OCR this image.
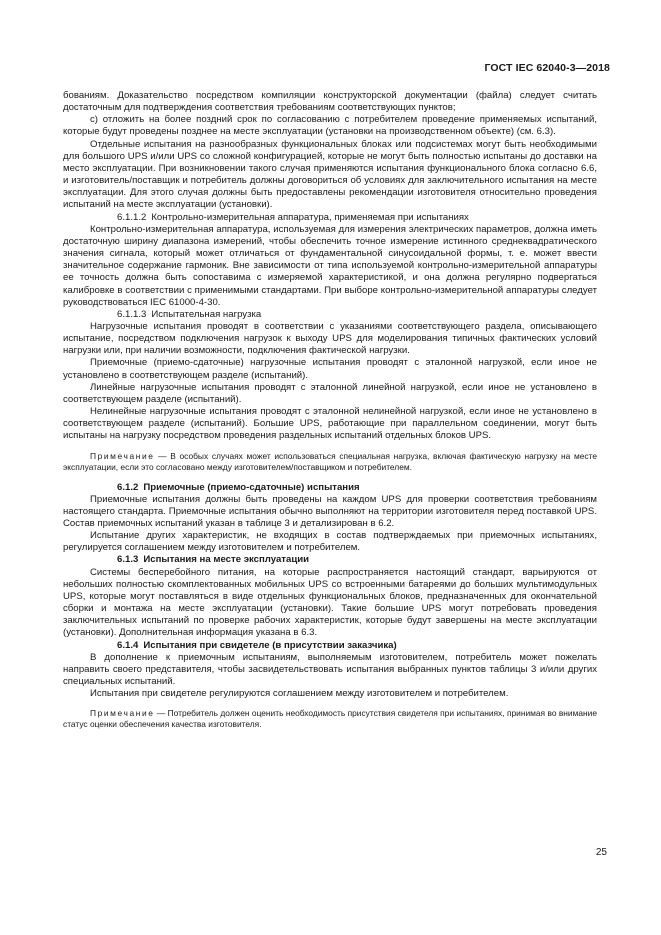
ГОСТ IEC 62040-3—2018

бованиям. Доказательство посредством компиляции конструкторской документации (файла) следует считать достаточным для подтверждения соответствия требованиям соответствующих пунктов;

c) отложить на более поздний срок по согласованию с потребителем проведение применяемых испытаний, которые будут проведены позднее на месте эксплуатации (установки на производственном объекте) (см. 6.3).

Отдельные испытания на разнообразных функциональных блоках или подсистемах могут быть необходимыми для большого UPS и/или UPS со сложной конфигурацией, которые не могут быть полностью испытаны до доставки на место эксплуатации. При возникновении такого случая применяются испытания функционального блока согласно 6.6, и изготовитель/поставщик и потребитель должны договориться об условиях для заключительного испытания на месте эксплуатации. Для этого случая должны быть предоставлены рекомендации изготовителя относительно проведения испытаний на месте эксплуатации (установки).

6.1.1.2 Контрольно-измерительная аппаратура, применяемая при испытаниях

Контрольно-измерительная аппаратура, используемая для измерения электрических параметров, должна иметь достаточную ширину диапазона измерений, чтобы обеспечить точное измерение истинного среднеквадратического значения сигнала, который может отличаться от фундаментальной синусоидальной формы, т. е. может ввести значительное содержание гармоник. Вне зависимости от типа используемой контрольно-измерительной аппаратуры ее точность должна быть сопоставима с измеряемой характеристикой, и она должна регулярно подвергаться калибровке в соответствии с применимыми стандартами. При выборе контрольно-измерительной аппаратуры следует руководствоваться IEC 61000-4-30.

6.1.1.3 Испытательная нагрузка

Нагрузочные испытания проводят в соответствии с указаниями соответствующего раздела, описывающего испытание, посредством подключения нагрузок к выходу UPS для моделирования типичных фактических условий нагрузки или, при наличии возможности, подключения фактической нагрузки.

Приемочные (приемо-сдаточные) нагрузочные испытания проводят с эталонной нагрузкой, если иное не установлено в соответствующем разделе (испытаний).

Линейные нагрузочные испытания проводят с эталонной линейной нагрузкой, если иное не установлено в соответствующем разделе (испытаний).

Нелинейные нагрузочные испытания проводят с эталонной нелинейной нагрузкой, если иное не установлено в соответствующем разделе (испытаний). Большие UPS, работающие при параллельном соединении, могут быть испытаны на нагрузку посредством проведения раздельных испытаний отдельных блоков UPS.

Примечание — В особых случаях может использоваться специальная нагрузка, включая фактическую нагрузку на месте эксплуатации, если это согласовано между изготовителем/поставщиком и потребителем.

6.1.2 Приемочные (приемо-сдаточные) испытания

Приемочные испытания должны быть проведены на каждом UPS для проверки соответствия требованиям настоящего стандарта. Приемочные испытания обычно выполняют на территории изготовителя перед поставкой UPS. Состав приемочных испытаний указан в таблице 3 и детализирован в 6.2.

Испытание других характеристик, не входящих в состав подтверждаемых при приемочных испытаниях, регулируется соглашением между изготовителем и потребителем.

6.1.3 Испытания на месте эксплуатации

Системы бесперебойного питания, на которые распространяется настоящий стандарт, варьируются от небольших полностью скомплектованных мобильных UPS со встроенными батареями до больших мультимодульных UPS, которые могут поставляться в виде отдельных функциональных блоков, предназначенных для окончательной сборки и монтажа на месте эксплуатации (установки). Такие большие UPS могут потребовать проведения заключительных испытаний по проверке рабочих характеристик, которые будут завершены на месте эксплуатации (установки). Дополнительная информация указана в 6.3.

6.1.4 Испытания при свидетеле (в присутствии заказчика)

В дополнение к приемочным испытаниям, выполняемым изготовителем, потребитель может пожелать направить своего представителя, чтобы засвидетельствовать испытания выбранных пунктов таблицы 3 и/или других специальных испытаний.

Испытания при свидетеле регулируются соглашением между изготовителем и потребителем.

Примечание — Потребитель должен оценить необходимость присутствия свидетеля при испытаниях, принимая во внимание статус оценки обеспечения качества изготовителя.

25
